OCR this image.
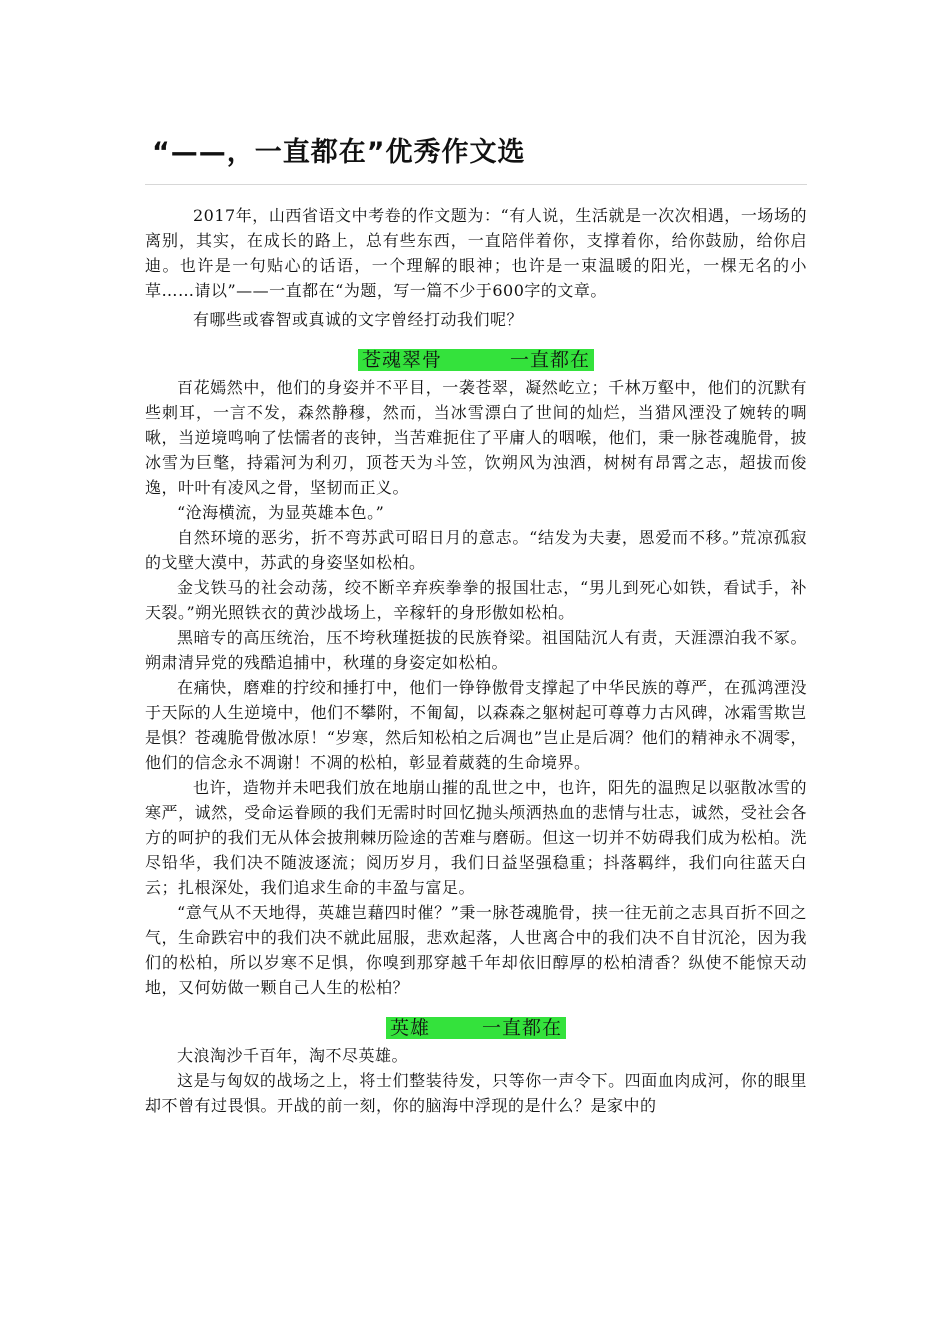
“——，一直都在”优秀作文选

2017年，山西省语文中考卷的作文题为：“有人说，生活就是一次次相遇，一场场的离别，其实，在成长的路上，总有些东西，一直陪伴着你，支撑着你，给你鼓励，给你启迪。也许是一句贴心的话语，一个理解的眼神；也许是一束温暖的阳光，一棵无名的小草……请以”——一直都在“为题，写一篇不少于600字的文章。

有哪些或睿智或真诚的文字曾经打动我们呢？

苍魂翠骨	一直都在

百花嫣然中，他们的身姿并不平目，一袭苍翠，凝然屹立；千林万壑中，他们的沉默有些刺耳，一言不发，森然静穆，然而，当冰雪漂白了世间的灿烂，当猎风湮没了婉转的啁啾，当逆境鸣响了怯懦者的丧钟，当苦难扼住了平庸人的咽喉，他们，秉一脉苍魂脆骨，披冰雪为巨氅，持霜河为利刃，顶苍天为斗笠，饮朔风为浊酒，树树有昂霄之志，超拔而俊逸，叶叶有凌风之骨，坚韧而正义。

“沧海横流，为显英雄本色。”

自然环境的恶劣，折不弯苏武可昭日月的意志。“结发为夫妻，恩爱而不移。”荒凉孤寂的戈壁大漠中，苏武的身姿坚如松柏。

金戈铁马的社会动荡，绞不断辛弃疾拳拳的报国壮志，“男儿到死心如铁，看试手，补天裂。”朔光照铁衣的黄沙战场上，辛稼轩的身形傲如松柏。

黑暗专的高压统治，压不垮秋瑾挺拔的民族脊梁。祖国陆沉人有责，天涯漂泊我不冢。朔肃清异党的残酷追捕中，秋瑾的身姿定如松柏。

在痛快，磨难的拧绞和捶打中，他们一铮铮傲骨支撑起了中华民族的尊严，在孤鸿湮没于天际的人生逆境中，他们不攀附，不匍匐，以森森之躯树起可尊尊力古风碑，冰霜雪欺岂是惧？苍魂脆骨傲冰原！“岁寒，然后知松柏之后凋也”岂止是后凋？他们的精神永不凋零，他们的信念永不凋谢！不凋的松柏，彰显着葳蕤的生命境界。

也许，造物并未吧我们放在地崩山摧的乱世之中，也许，阳先的温煦足以驱散冰雪的寒严，诚然，受命运眷顾的我们无需时时回忆抛头颅洒热血的悲情与壮志，诚然，受社会各方的呵护的我们无从体会披荆棘历险途的苦难与磨砺。但这一切并不妨碍我们成为松柏。洗尽铅华，我们决不随波逐流；阅历岁月，我们日益坚强稳重；抖落羁绊，我们向往蓝天白云；扎根深处，我们追求生命的丰盈与富足。

“意气从不天地得，英雄岂藉四时催？”秉一脉苍魂脆骨，挟一往无前之志具百折不回之气，生命跌宕中的我们决不就此屈服，悲欢起落，人世离合中的我们决不自甘沉沦，因为我们的松柏，所以岁寒不足惧，你嗅到那穿越千年却依旧醇厚的松柏清香？纵使不能惊天动地，又何妨做一颗自己人生的松柏？

英雄	一直都在

大浪淘沙千百年，淘不尽英雄。

这是与匈奴的战场之上，将士们整装待发，只等你一声令下。四面血肉成河，你的眼里却不曾有过畏惧。开战的前一刻，你的脑海中浮现的是什么？是家中的
